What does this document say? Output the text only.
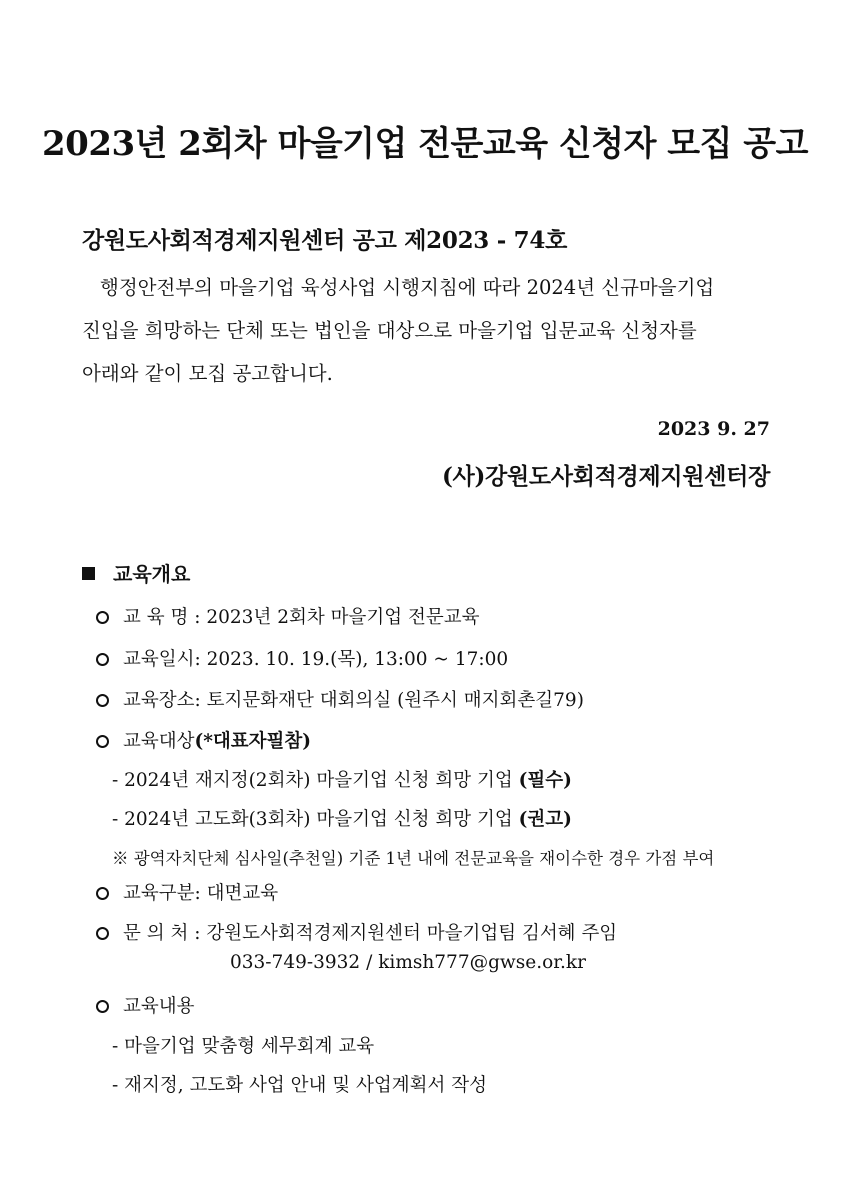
2023년 2회차 마을기업 전문교육 신청자 모집 공고
강원도사회적경제지원센터 공고 제2023 - 74호
행정안전부의 마을기업 육성사업 시행지침에 따라 2024년 신규마을기업
진입을 희망하는 단체 또는 법인을 대상으로 마을기업 입문교육 신청자를
아래와 같이 모집 공고합니다.
2023 9. 27
(사)강원도사회적경제지원센터장
교육개요
교 육 명 : 2023년 2회차 마을기업 전문교육
교육일시: 2023. 10. 19.(목), 13:00 ~ 17:00
교육장소: 토지문화재단 대회의실 (원주시 매지회촌길79)
교육대상(*대표자필참)
- 2024년 재지정(2회차) 마을기업 신청 희망 기업 (필수)
- 2024년 고도화(3회차) 마을기업 신청 희망 기업 (권고)
※ 광역자치단체 심사일(추천일) 기준 1년 내에 전문교육을 재이수한 경우 가점 부여
교육구분: 대면교육
문 의 처 : 강원도사회적경제지원센터 마을기업팀 김서혜 주임
033-749-3932 / kimsh777@gwse.or.kr
교육내용
- 마을기업 맞춤형 세무회계 교육
- 재지정, 고도화 사업 안내 및 사업계획서 작성
